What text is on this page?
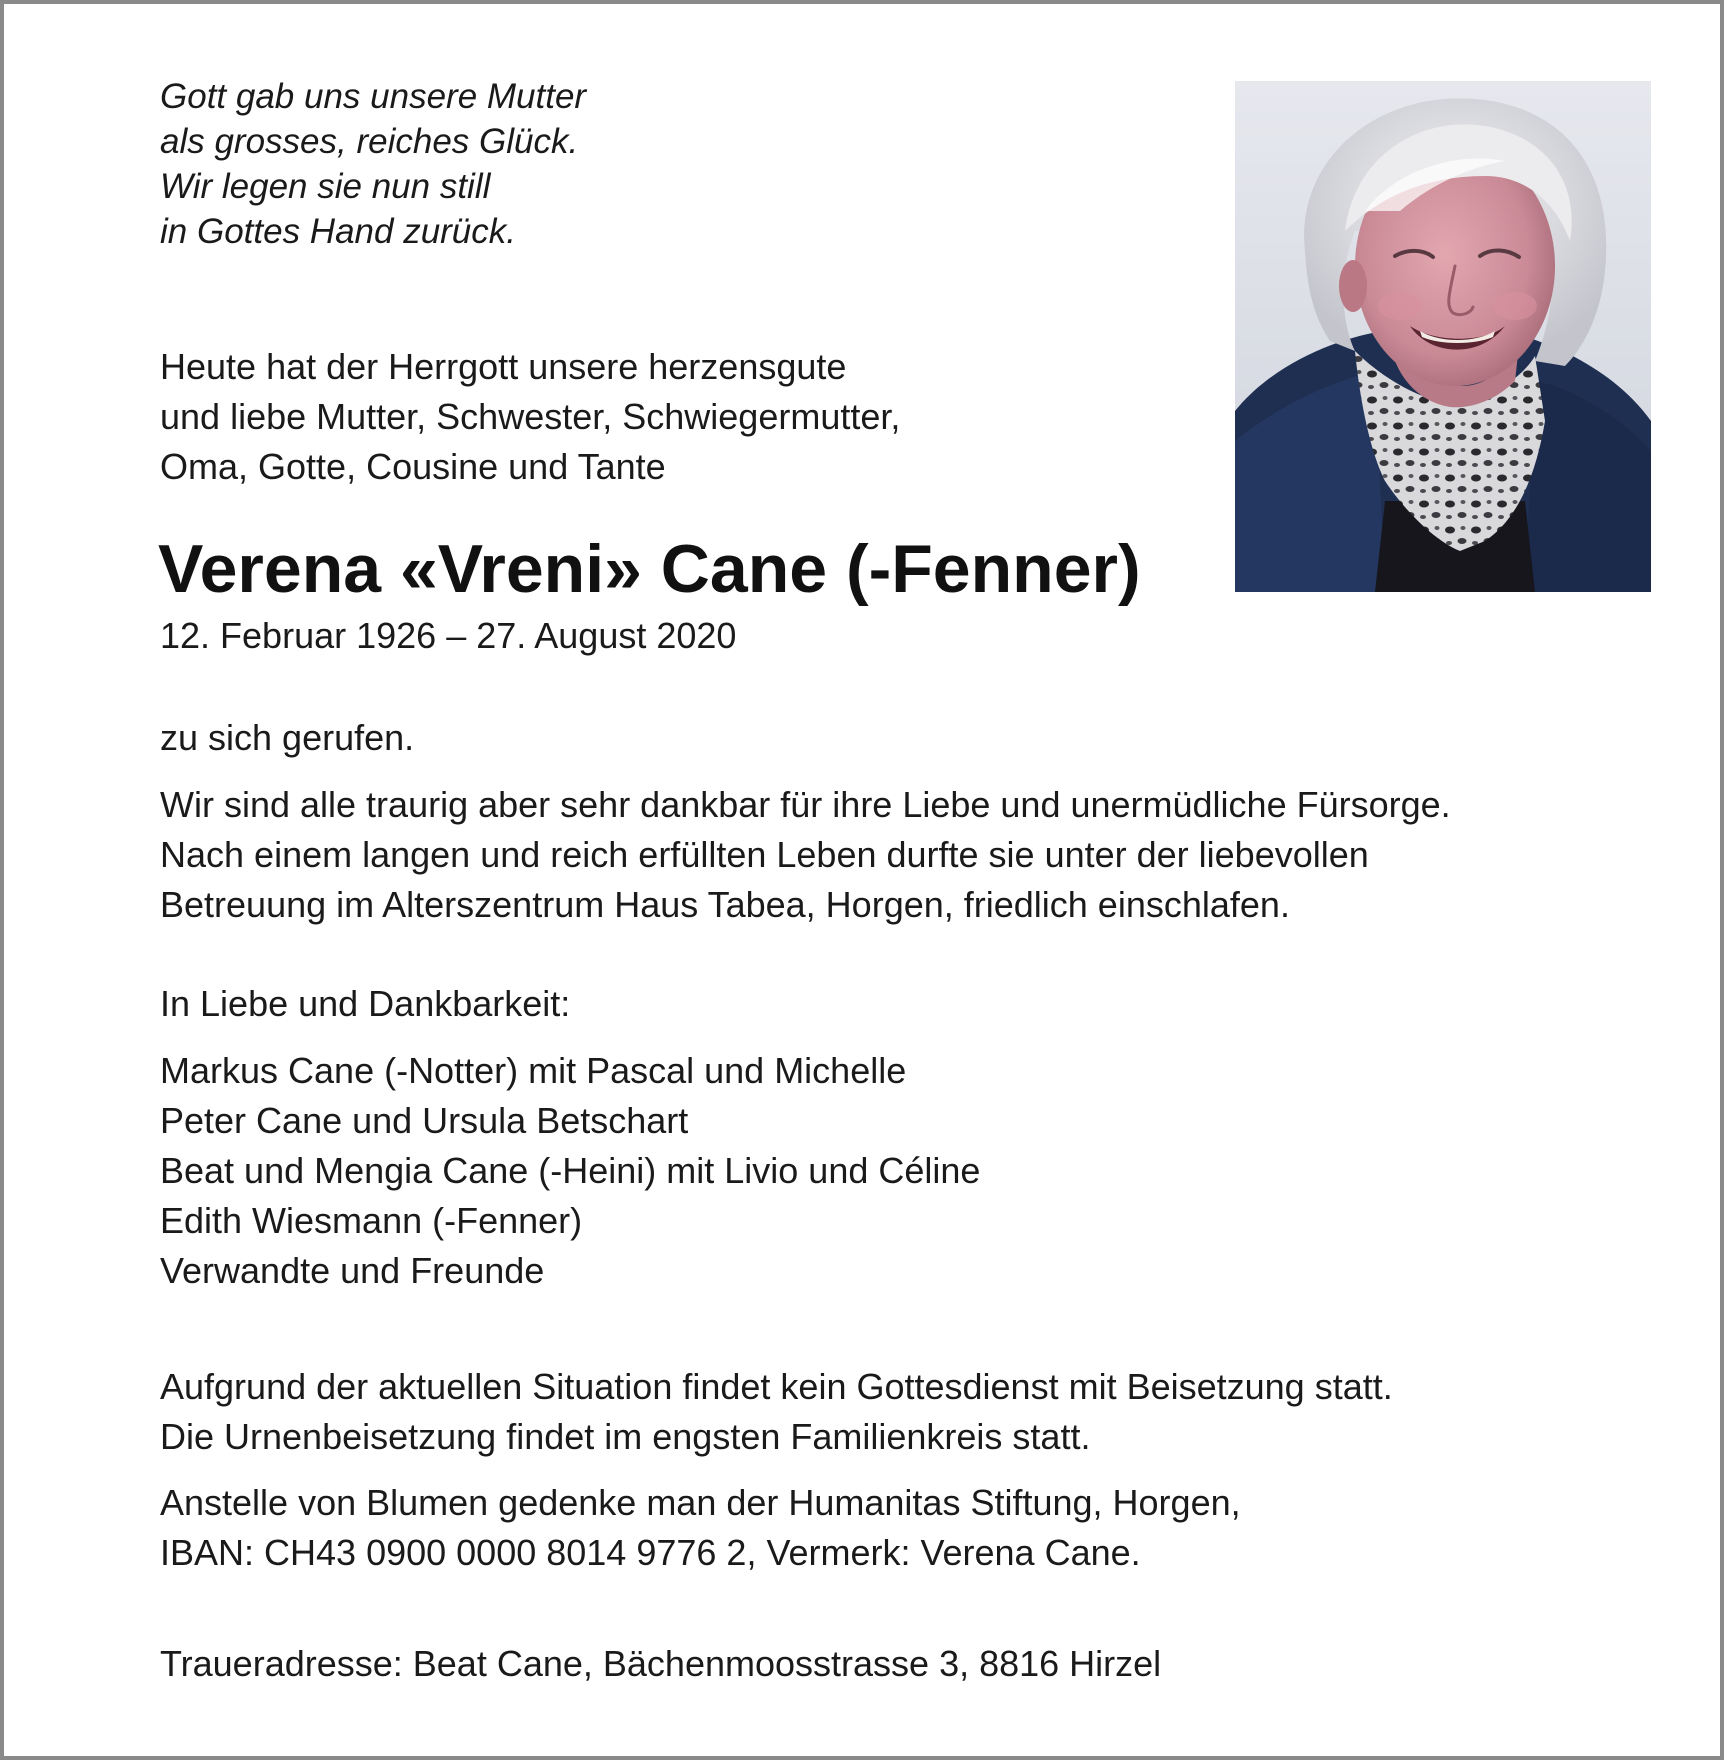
Gott gab uns unsere Mutter
als grosses, reiches Glück.
Wir legen sie nun still
in Gottes Hand zurück.

Heute hat der Herrgott unsere herzensgute
und liebe Mutter, Schwester, Schwiegermutter,
Oma, Gotte, Cousine und Tante

Verena «Vreni» Cane (-Fenner)

12. Februar 1926 – 27. August 2020

zu sich gerufen.

Wir sind alle traurig aber sehr dankbar für ihre Liebe und unermüdliche Fürsorge.
Nach einem langen und reich erfüllten Leben durfte sie unter der liebevollen
Betreuung im Alterszentrum Haus Tabea, Horgen, friedlich einschlafen.

In Liebe und Dankbarkeit:

Markus Cane (-Notter) mit Pascal und Michelle
Peter Cane und Ursula Betschart
Beat und Mengia Cane (-Heini) mit Livio und Céline
Edith Wiesmann (-Fenner)
Verwandte und Freunde

Aufgrund der aktuellen Situation findet kein Gottesdienst mit Beisetzung statt.
Die Urnenbeisetzung findet im engsten Familienkreis statt.

Anstelle von Blumen gedenke man der Humanitas Stiftung, Horgen,
IBAN: CH43 0900 0000 8014 9776 2, Vermerk: Verena Cane.

Traueradresse: Beat Cane, Bächenmoosstrasse 3, 8816 Hirzel
